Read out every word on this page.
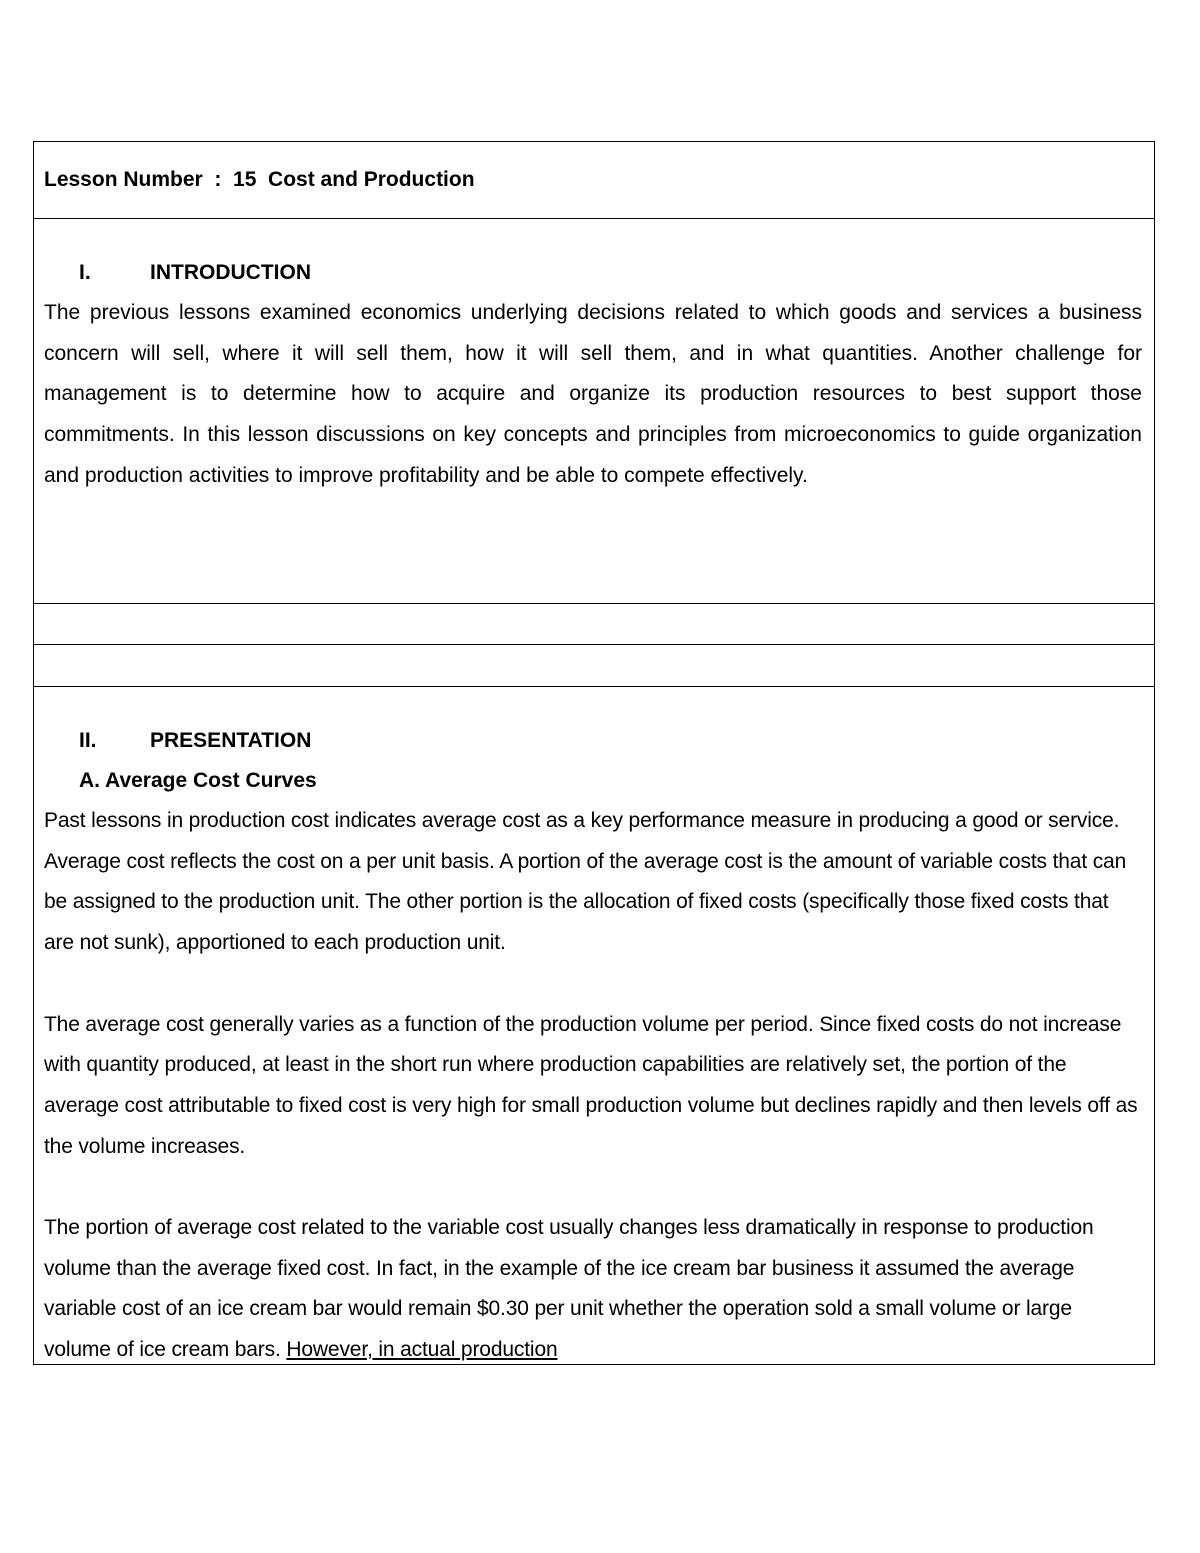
Lesson Number  :  15  Cost and Production
I.	INTRODUCTION

The previous lessons examined economics underlying decisions related to which goods and services a business concern will sell, where it will sell them, how it will sell them, and in what quantities. Another challenge for management is to determine how to acquire and organize its production resources to best support those commitments. In this lesson discussions on key concepts and principles from microeconomics to guide organization and production activities to improve profitability and be able to compete effectively.

II.	PRESENTATION
A. Average Cost Curves

Past lessons in production cost indicates average cost as a key performance measure in producing a good or service. Average cost reflects the cost on a per unit basis. A portion of the average cost is the amount of variable costs that can be assigned to the production unit. The other portion is the allocation of fixed costs (specifically those fixed costs that are not sunk), apportioned to each production unit.

The average cost generally varies as a function of the production volume per period. Since fixed costs do not increase with quantity produced, at least in the short run where production capabilities are relatively set, the portion of the average cost attributable to fixed cost is very high for small production volume but declines rapidly and then levels off as the volume increases.

The portion of average cost related to the variable cost usually changes less dramatically in response to production volume than the average fixed cost. In fact, in the example of the ice cream bar business it assumed the average variable cost of an ice cream bar would remain $0.30 per unit whether the operation sold a small volume or large volume of ice cream bars. However, in actual production
